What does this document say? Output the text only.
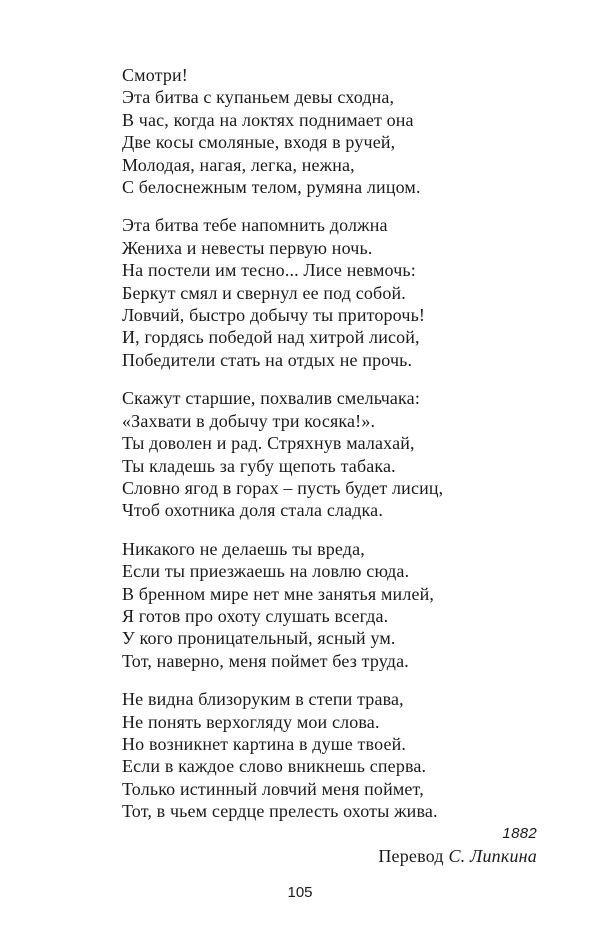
Смотри!
Эта битва с купаньем девы сходна,
В час, когда на локтях поднимает она
Две косы смоляные, входя в ручей,
Молодая, нагая, легка, нежна,
С белоснежным телом, румяна лицом.
Эта битва тебе напомнить должна
Жениха и невесты первую ночь.
На постели им тесно... Лисе невмочь:
Беркут смял и свернул ее под собой.
Ловчий, быстро добычу ты приторочь!
И, гордясь победой над хитрой лисой,
Победители стать на отдых не прочь.
Скажут старшие, похвалив смельчака:
«Захвати в добычу три косяка!».
Ты доволен и рад. Стряхнув малахай,
Ты кладешь за губу щепоть табака.
Словно ягод в горах – пусть будет лисиц,
Чтоб охотника доля стала сладка.
Никакого не делаешь ты вреда,
Если ты приезжаешь на ловлю сюда.
В бренном мире нет мне занятья милей,
Я готов про охоту слушать всегда.
У кого проницательный, ясный ум.
Тот, наверно, меня поймет без труда.
Не видна близоруким в степи трава,
Не понять верхогляду мои слова.
Но возникнет картина в душе твоей.
Если в каждое слово вникнешь сперва.
Только истинный ловчий меня поймет,
Тот, в чьем сердце прелесть охоты жива.
1882
Перевод С. Липкина
105
